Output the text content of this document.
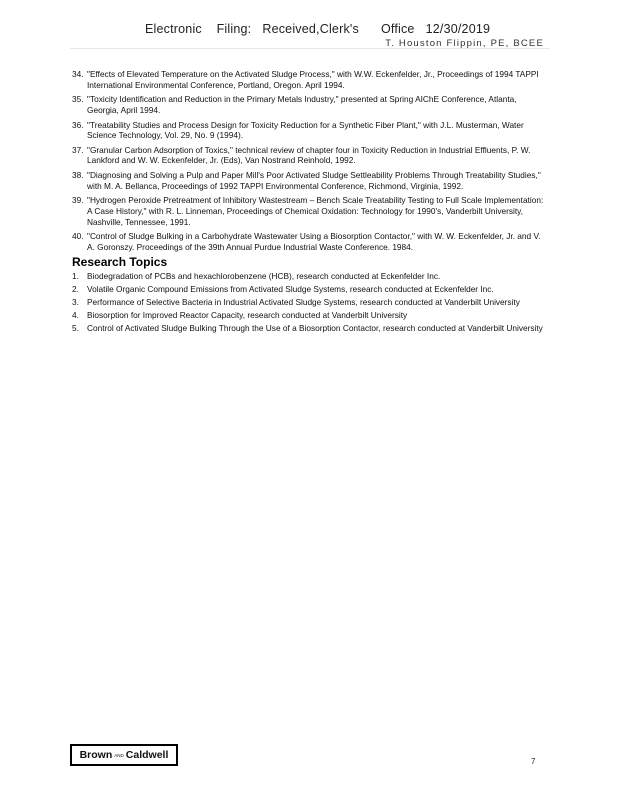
Electronic    Filing:   Received,Clerk's      Office   12/30/2019
T. Houston Flippin, PE, BCEE
34. "Effects of Elevated Temperature on the Activated Sludge Process," with W.W. Eckenfelder, Jr., Proceedings of 1994 TAPPI International Environmental Conference, Portland, Oregon. April 1994.
35. "Toxicity Identification and Reduction in the Primary Metals Industry," presented at Spring AIChE Conference, Atlanta, Georgia, April 1994.
36. "Treatability Studies and Process Design for Toxicity Reduction for a Synthetic Fiber Plant," with J.L. Musterman, Water Science Technology, Vol. 29, No. 9 (1994).
37. "Granular Carbon Adsorption of Toxics," technical review of chapter four in Toxicity Reduction in Industrial Effluents, P. W. Lankford and W. W. Eckenfelder, Jr. (Eds), Van Nostrand Reinhold, 1992.
38. "Diagnosing and Solving a Pulp and Paper Mill's Poor Activated Sludge Settleability Problems Through Treatability Studies," with M. A. Bellanca, Proceedings of 1992 TAPPI Environmental Conference, Richmond, Virginia, 1992.
39. "Hydrogen Peroxide Pretreatment of Inhibitory Wastestream – Bench Scale Treatability Testing to Full Scale Implementation: A Case History," with R. L. Linneman, Proceedings of Chemical Oxidation: Technology for 1990's, Vanderbilt University, Nashville, Tennessee, 1991.
40. "Control of Sludge Bulking in a Carbohydrate Wastewater Using a Biosorption Contactor," with W. W. Eckenfelder, Jr. and V. A. Goronszy. Proceedings of the 39th Annual Purdue Industrial Waste Conference. 1984.
Research Topics
1. Biodegradation of PCBs and hexachlorobenzene (HCB), research conducted at Eckenfelder Inc.
2. Volatile Organic Compound Emissions from Activated Sludge Systems, research conducted at Eckenfelder Inc.
3. Performance of Selective Bacteria in Industrial Activated Sludge Systems, research conducted at Vanderbilt University
4. Biosorption for Improved Reactor Capacity, research conducted at Vanderbilt University
5. Control of Activated Sludge Bulking Through the Use of a Biosorption Contactor, research conducted at Vanderbilt University
Brown AND Caldwell
7
